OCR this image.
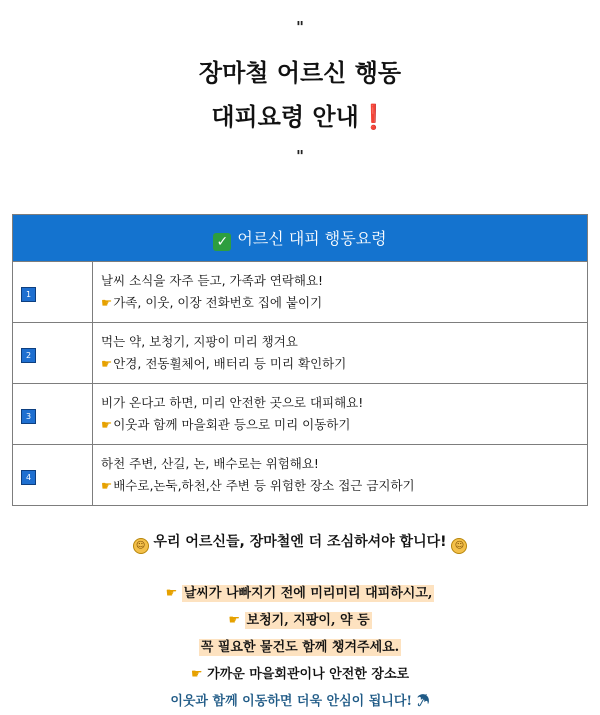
"
장마철 어르신 행동
대피요령 안내❗
"
✓ 어르신 대피 행동요령	
1	날씨 소식을 자주 듣고, 가족과 연락해요!
☛가족, 이웃, 이장 전화번호 집에 붙이기

2	먹는 약, 보청기, 지팡이 미리 챙겨요
☛안경, 전동휠체어, 배터리 등 미리 확인하기

3	비가 온다고 하면, 미리 안전한 곳으로 대피해요!
☛이웃과 함께 마을회관 등으로 미리 이동하기

4	하천 주변, 산길, 논, 배수로는 위험해요!
☛배수로,논둑,하천,산 주변 등 위험한 장소 접근 금지하기
☺ 우리 어르신들, 장마철엔 더 조심하셔야 합니다! ☺
☛ 날씨가 나빠지기 전에 미리미리 대피하시고,
☛ 보청기, 지팡이, 약 등
꼭 필요한 물건도 함께 챙겨주세요.
☛ 가까운 마을회관이나 안전한 장소로
이웃과 함께 이동하면 더욱 안심이 됩니다! ☂
